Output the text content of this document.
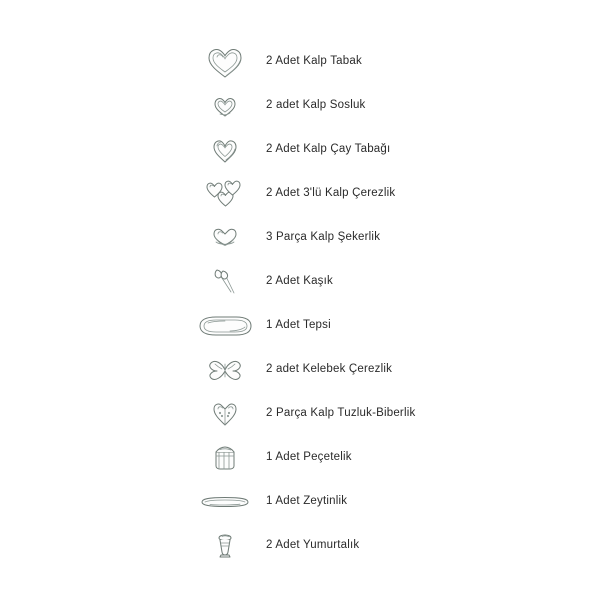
2 Adet Kalp Tabak
2 adet Kalp Sosluk
2 Adet Kalp Çay Tabağı
2 Adet 3'lü Kalp Çerezlik
3 Parça Kalp Şekerlik
2 Adet Kaşık
1 Adet Tepsi
2 adet Kelebek Çerezlik
2 Parça Kalp Tuzluk-Biberlik
1 Adet Peçetelik
1 Adet Zeytinlik
2 Adet Yumurtalık
